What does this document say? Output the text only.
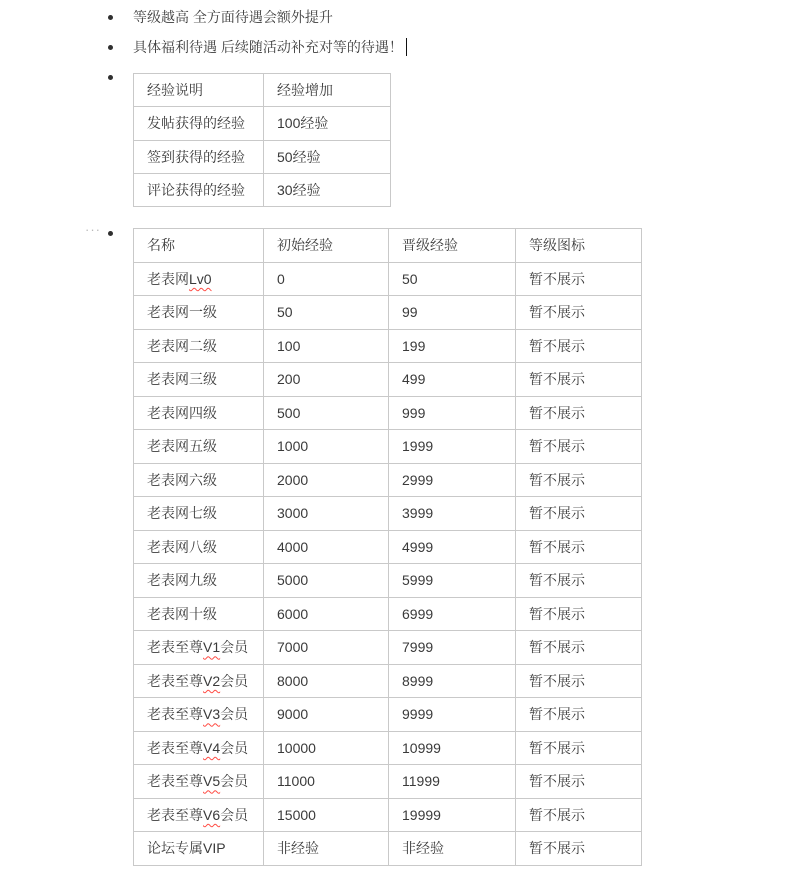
等级越高 全方面待遇会额外提升
具体福利待遇 后续随活动补充对等的待遇！
经验说明	经验增加
发帖获得的经验	100经验
签到获得的经验	50经验
评论获得的经验	30经验
···
名称	初始经验	晋级经验	等级图标
老表网Lv0	0	50	暂不展示
老表网一级	50	99	暂不展示
老表网二级	100	199	暂不展示
老表网三级	200	499	暂不展示
老表网四级	500	999	暂不展示
老表网五级	1000	1999	暂不展示
老表网六级	2000	2999	暂不展示
老表网七级	3000	3999	暂不展示
老表网八级	4000	4999	暂不展示
老表网九级	5000	5999	暂不展示
老表网十级	6000	6999	暂不展示
老表至尊V1会员	7000	7999	暂不展示
老表至尊V2会员	8000	8999	暂不展示
老表至尊V3会员	9000	9999	暂不展示
老表至尊V4会员	10000	10999	暂不展示
老表至尊V5会员	11000	11999	暂不展示
老表至尊V6会员	15000	19999	暂不展示
论坛专属VIP	非经验	非经验	暂不展示
